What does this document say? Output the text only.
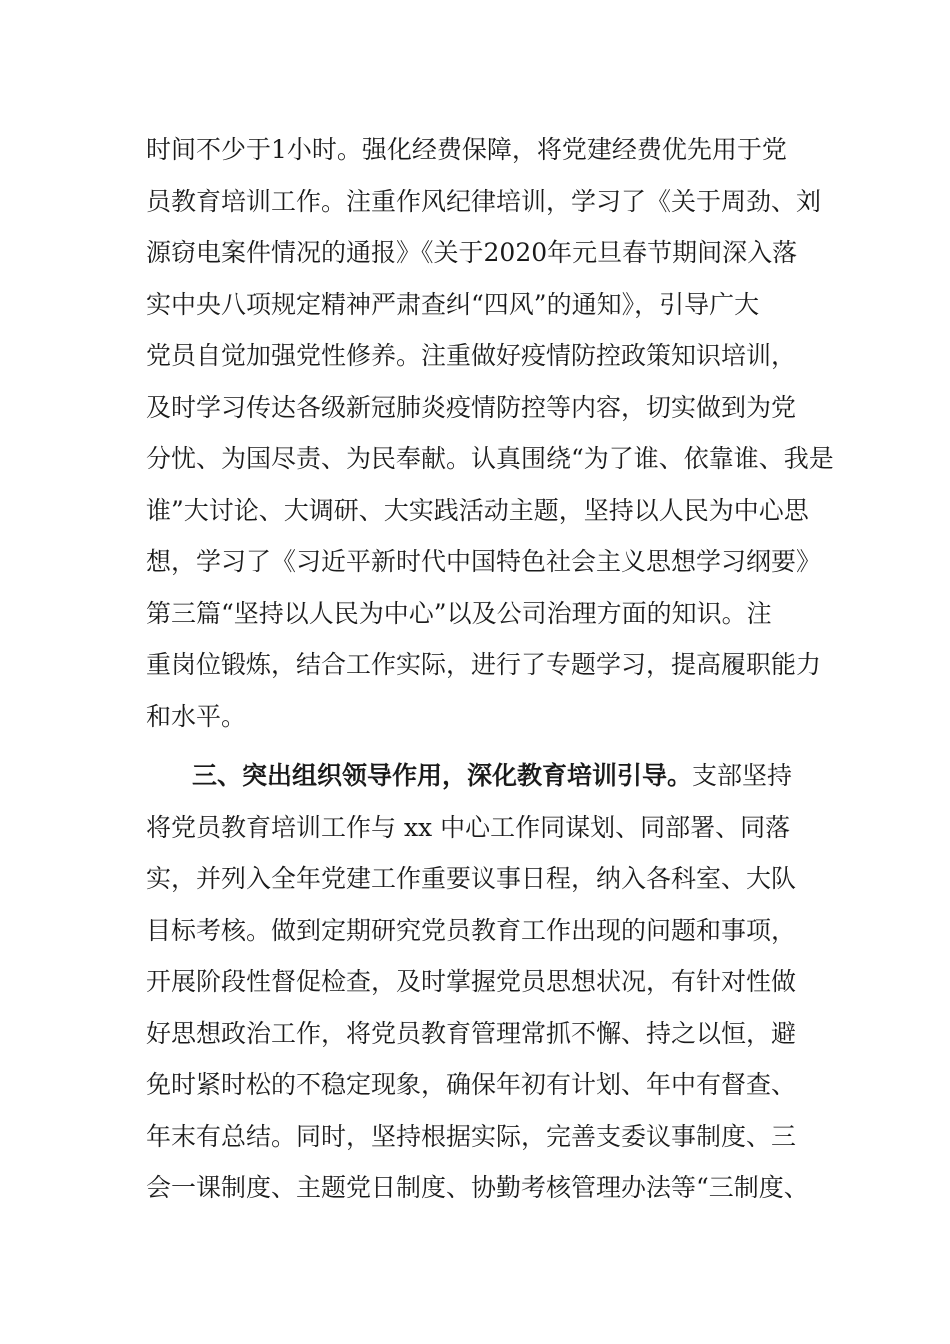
时间不少于1小时。强化经费保障，将党建经费优先用于党
员教育培训工作。注重作风纪律培训，学习了《关于周劲、刘
源窃电案件情况的通报》《关于2020年元旦春节期间深入落
实中央八项规定精神严肃查纠“四风”的通知》，引导广大
党员自觉加强党性修养。注重做好疫情防控政策知识培训，
及时学习传达各级新冠肺炎疫情防控等内容，切实做到为党
分忧、为国尽责、为民奉献。认真围绕“为了谁、依靠谁、我是
谁”大讨论、大调研、大实践活动主题，坚持以人民为中心思
想，学习了《习近平新时代中国特色社会主义思想学习纲要》
第三篇“坚持以人民为中心”以及公司治理方面的知识。注
重岗位锻炼，结合工作实际，进行了专题学习，提高履职能力
和水平。
三、突出组织领导作用，深化教育培训引导。支部坚持
将党员教育培训工作与 xx 中心工作同谋划、同部署、同落
实，并列入全年党建工作重要议事日程，纳入各科室、大队
目标考核。做到定期研究党员教育工作出现的问题和事项，
开展阶段性督促检查，及时掌握党员思想状况，有针对性做
好思想政治工作，将党员教育管理常抓不懈、持之以恒，避
免时紧时松的不稳定现象，确保年初有计划、年中有督查、
年末有总结。同时，坚持根据实际，完善支委议事制度、三
会一课制度、主题党日制度、协勤考核管理办法等“三制度、
